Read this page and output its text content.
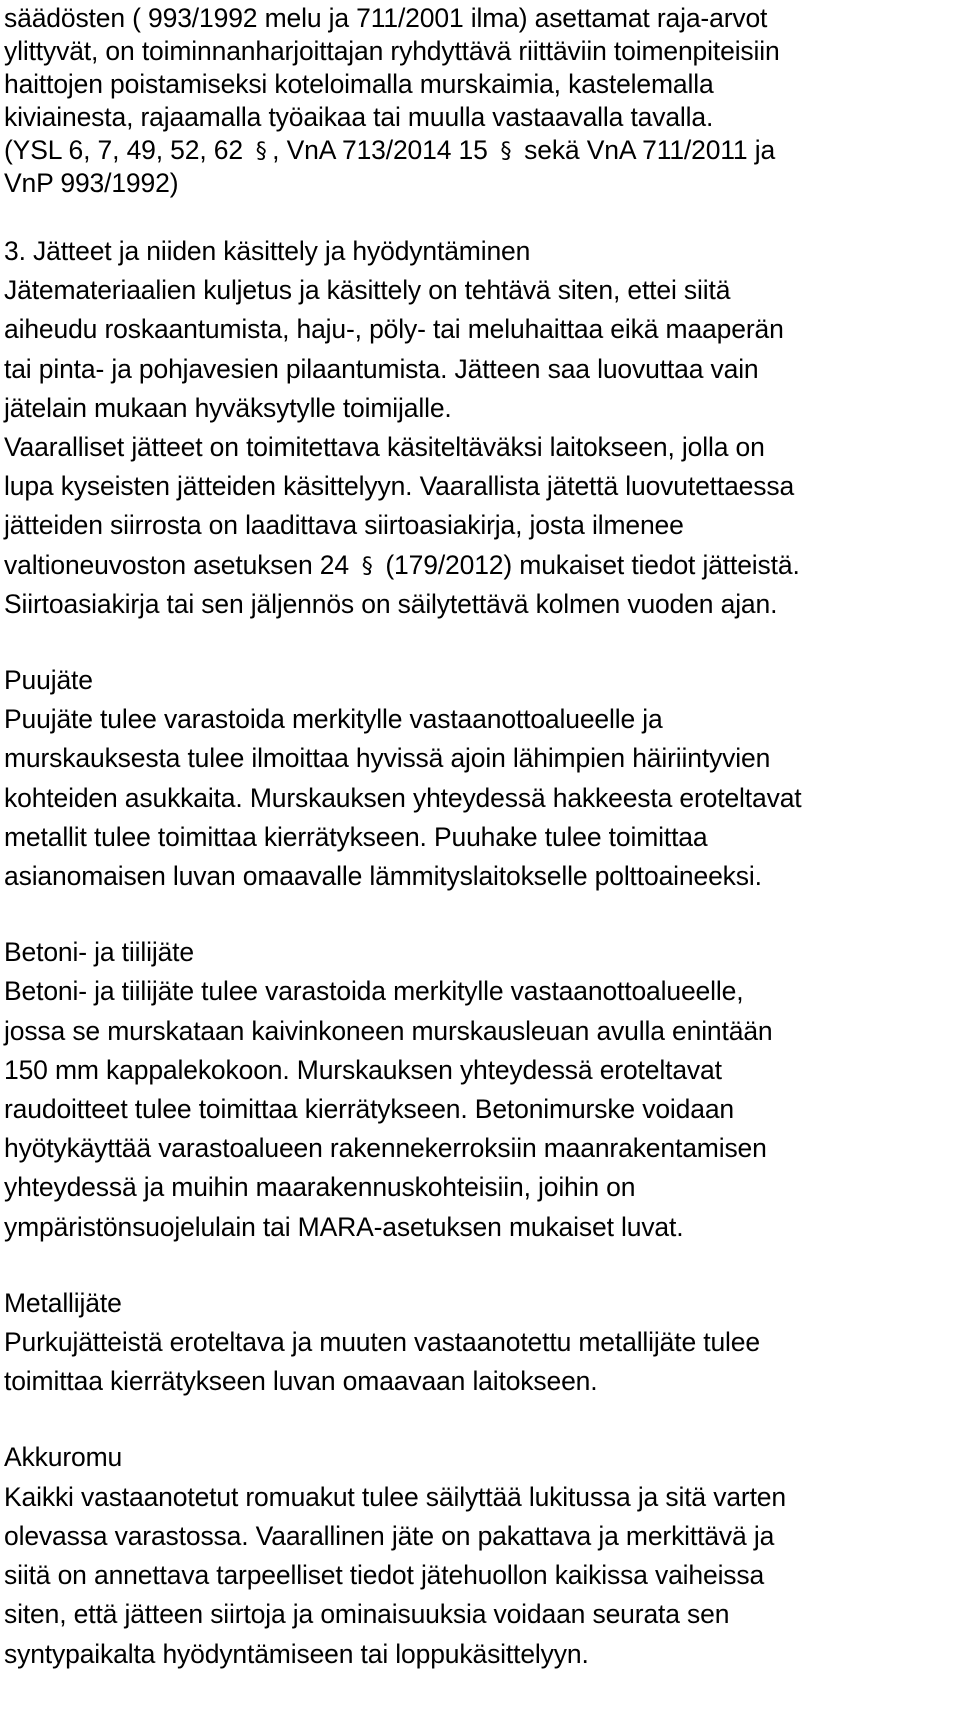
säädösten ( 993/1992 melu ja 711/2001 ilma) asettamat raja-arvot
ylittyvät, on toiminnanharjoittajan ryhdyttävä riittäviin toimenpiteisiin
haittojen poistamiseksi koteloimalla murskaimia, kastelemalla
kiviainesta, rajaamalla työaikaa tai muulla vastaavalla tavalla.
(YSL 6, 7, 49, 52, 62 § , VnA 713/2014 15 § sekä VnA 711/2011 ja
VnP 993/1992)
3. Jätteet ja niiden käsittely ja hyödyntäminen
Jätemateriaalien kuljetus ja käsittely on tehtävä siten, ettei siitä
aiheudu roskaantumista, haju-, pöly- tai meluhaittaa eikä maaperän
tai pinta- ja pohjavesien pilaantumista. Jätteen saa luovuttaa vain
jätelain mukaan hyväksytylle toimijalle.
Vaaralliset jätteet on toimitettava käsiteltäväksi laitokseen, jolla on
lupa kyseisten jätteiden käsittelyyn. Vaarallista jätettä luovutettaessa
jätteiden siirrosta on laadittava siirtoasiakirja, josta ilmenee
valtioneuvoston asetuksen 24 § (179/2012) mukaiset tiedot jätteistä.
Siirtoasiakirja tai sen jäljennös on säilytettävä kolmen vuoden ajan.
Puujäte
Puujäte tulee varastoida merkitylle vastaanottoalueelle ja
murskauksesta tulee ilmoittaa hyvissä ajoin lähimpien häiriintyvien
kohteiden asukkaita. Murskauksen yhteydessä hakkeesta eroteltavat
metallit tulee toimittaa kierrätykseen. Puuhake tulee toimittaa
asianomaisen luvan omaavalle lämmityslaitokselle polttoaineeksi.
Betoni- ja tiilijäte
Betoni- ja tiilijäte tulee varastoida merkitylle vastaanottoalueelle,
jossa se murskataan kaivinkoneen murskausleuan avulla enintään
150 mm kappalekokoon. Murskauksen yhteydessä eroteltavat
raudoitteet tulee toimittaa kierrätykseen. Betonimurske voidaan
hyötykäyttää varastoalueen rakennekerroksiin maanrakentamisen
yhteydessä ja muihin maarakennuskohteisiin, joihin on
ympäristönsuojelulain tai MARA-asetuksen mukaiset luvat.
Metallijäte
Purkujätteistä eroteltava ja muuten vastaanotettu metallijäte tulee
toimittaa kierrätykseen luvan omaavaan laitokseen.
Akkuromu
Kaikki vastaanotetut romuakut tulee säilyttää lukitussa ja sitä varten
olevassa varastossa. Vaarallinen jäte on pakattava ja merkittävä ja
siitä on annettava tarpeelliset tiedot jätehuollon kaikissa vaiheissa
siten, että jätteen siirtoja ja ominaisuuksia voidaan seurata sen
syntypaikalta hyödyntämiseen tai loppukäsittelyyn.
